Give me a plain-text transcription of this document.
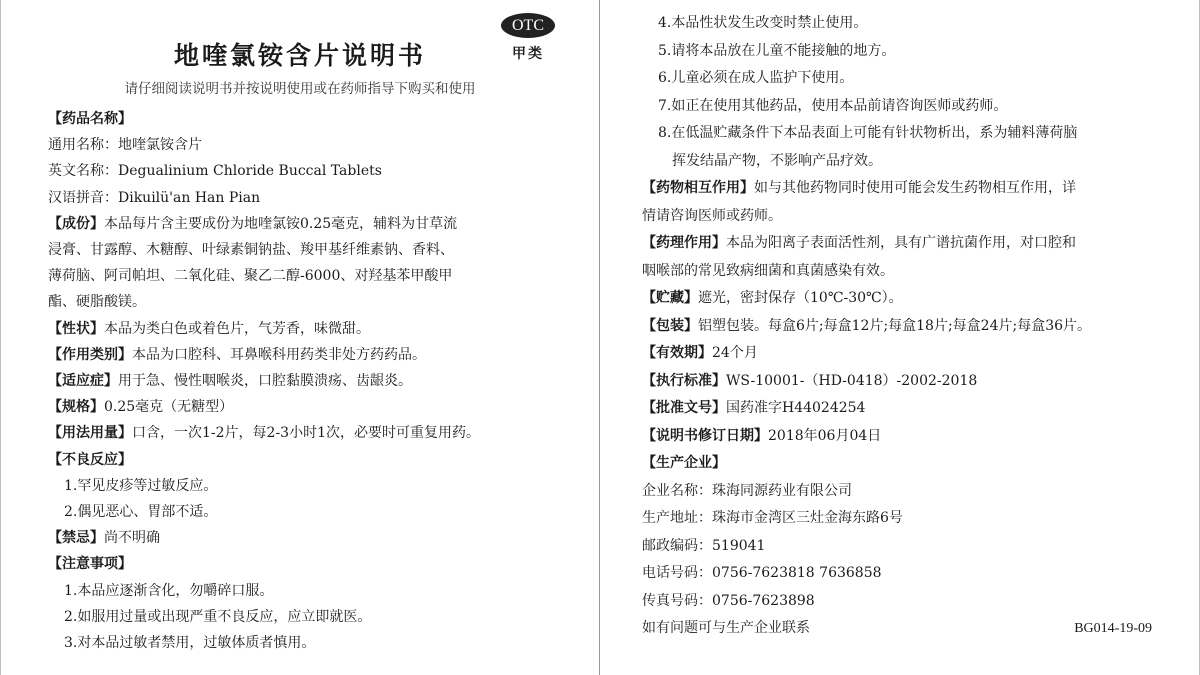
地喹氯铵含片说明书
OTC
甲类
请仔细阅读说明书并按说明使用或在药师指导下购买和使用
【药品名称】
通用名称：地喹氯铵含片
英文名称：Degualinium Chloride Buccal Tablets
汉语拼音：Dikuilü'an Han Pian
【成份】本品每片含主要成份为地喹氯铵0.25毫克，辅料为甘草流
浸膏、甘露醇、木糖醇、叶绿素铜钠盐、羧甲基纤维素钠、香料、
薄荷脑、阿司帕坦、二氧化硅、聚乙二醇-6000、对羟基苯甲酸甲
酯、硬脂酸镁。
【性状】本品为类白色或着色片，气芳香，味微甜。
【作用类别】本品为口腔科、耳鼻喉科用药类非处方药药品。
【适应症】用于急、慢性咽喉炎，口腔黏膜溃疡、齿龈炎。
【规格】0.25毫克（无糖型）
【用法用量】口含，一次1-2片，每2-3小时1次，必要时可重复用药。
【不良反应】
1.罕见皮疹等过敏反应。
2.偶见恶心、胃部不适。
【禁忌】尚不明确
【注意事项】
1.本品应逐渐含化，勿嚼碎口服。
2.如服用过量或出现严重不良反应，应立即就医。
3.对本品过敏者禁用，过敏体质者慎用。
4.本品性状发生改变时禁止使用。
5.请将本品放在儿童不能接触的地方。
6.儿童必须在成人监护下使用。
7.如正在使用其他药品，使用本品前请咨询医师或药师。
8.在低温贮藏条件下本品表面上可能有针状物析出，系为辅料薄荷脑
挥发结晶产物，不影响产品疗效。
【药物相互作用】如与其他药物同时使用可能会发生药物相互作用，详
情请咨询医师或药师。
【药理作用】本品为阳离子表面活性剂，具有广谱抗菌作用，对口腔和
咽喉部的常见致病细菌和真菌感染有效。
【贮藏】遮光，密封保存（10℃-30℃）。
【包装】铝塑包装。每盒6片;每盒12片;每盒18片;每盒24片;每盒36片。
【有效期】24个月
【执行标准】WS-10001-（HD-0418）-2002-2018
【批准文号】国药准字H44024254
【说明书修订日期】2018年06月04日
【生产企业】
企业名称：珠海同源药业有限公司
生产地址：珠海市金湾区三灶金海东路6号
邮政编码：519041
电话号码：0756-7623818 7636858
传真号码：0756-7623898
如有问题可与生产企业联系	BG014-19-09
